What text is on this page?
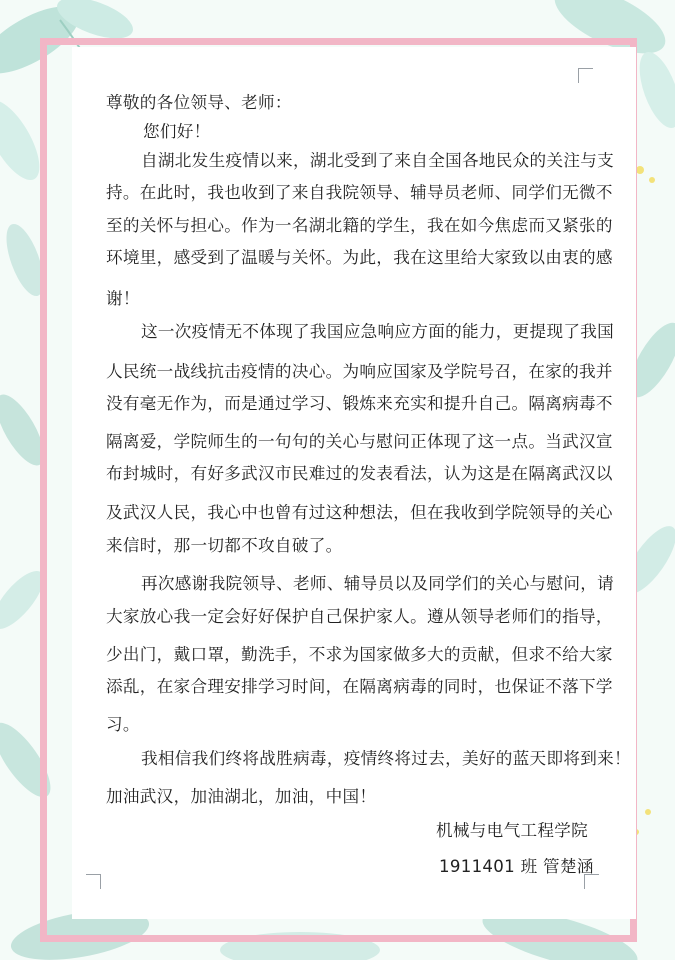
尊敬的各位领导、老师：
您们好！
自湖北发生疫情以来，湖北受到了来自全国各地民众的关注与支
持。在此时，我也收到了来自我院领导、辅导员老师、同学们无微不
至的关怀与担心。作为一名湖北籍的学生，我在如今焦虑而又紧张的
环境里，感受到了温暖与关怀。为此，我在这里给大家致以由衷的感
谢！
这一次疫情无不体现了我国应急响应方面的能力，更提现了我国
人民统一战线抗击疫情的决心。为响应国家及学院号召，在家的我并
没有毫无作为，而是通过学习、锻炼来充实和提升自己。隔离病毒不
隔离爱，学院师生的一句句的关心与慰问正体现了这一点。当武汉宣
布封城时，有好多武汉市民难过的发表看法，认为这是在隔离武汉以
及武汉人民，我心中也曾有过这种想法，但在我收到学院领导的关心
来信时，那一切都不攻自破了。
再次感谢我院领导、老师、辅导员以及同学们的关心与慰问，请
大家放心我一定会好好保护自己保护家人。遵从领导老师们的指导，
少出门，戴口罩，勤洗手，不求为国家做多大的贡献，但求不给大家
添乱，在家合理安排学习时间，在隔离病毒的同时，也保证不落下学
习。
我相信我们终将战胜病毒，疫情终将过去，美好的蓝天即将到来！
加油武汉，加油湖北，加油，中国！
机械与电气工程学院
1911401 班 管楚涵
